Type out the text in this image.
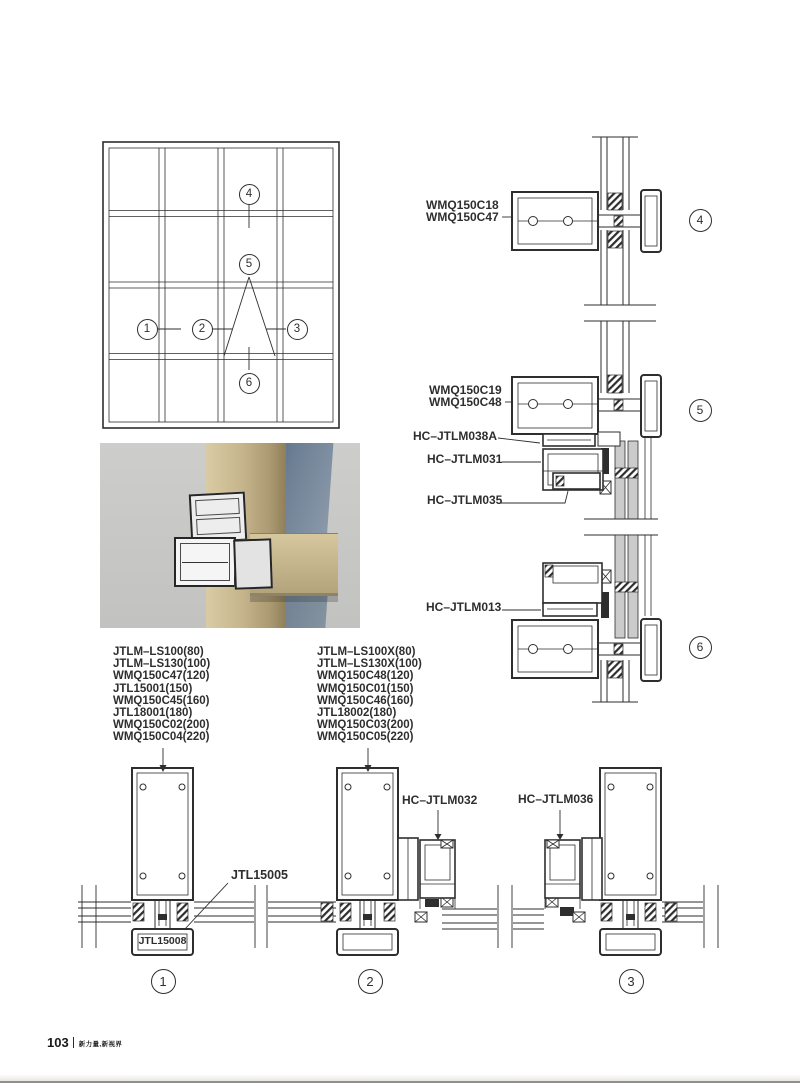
1	2	3
4
5
6
WMQ150C18
WMQ150C47	4
WMQ150C19
WMQ150C48
HC–JTLM038A
HC–JTLM031
HC–JTLM035
5
HC–JTLM013
6
JTLM–LS100(80)
JTLM–LS130(100)
WMQ150C47(120)
JTL15001(150)
WMQ150C45(160)
JTL18001(180)
WMQ150C02(200)
WMQ150C04(220)
JTLM–LS100X(80)
JTLM–LS130X(100)
WMQ150C48(120)
WMQ150C01(150)
WMQ150C46(160)
JTL18002(180)
WMQ150C03(200)
WMQ150C05(220)
JTL15005
JTL15008
HC–JTLM032	HC–JTLM036
1	2	3
103 新力量,新视界
